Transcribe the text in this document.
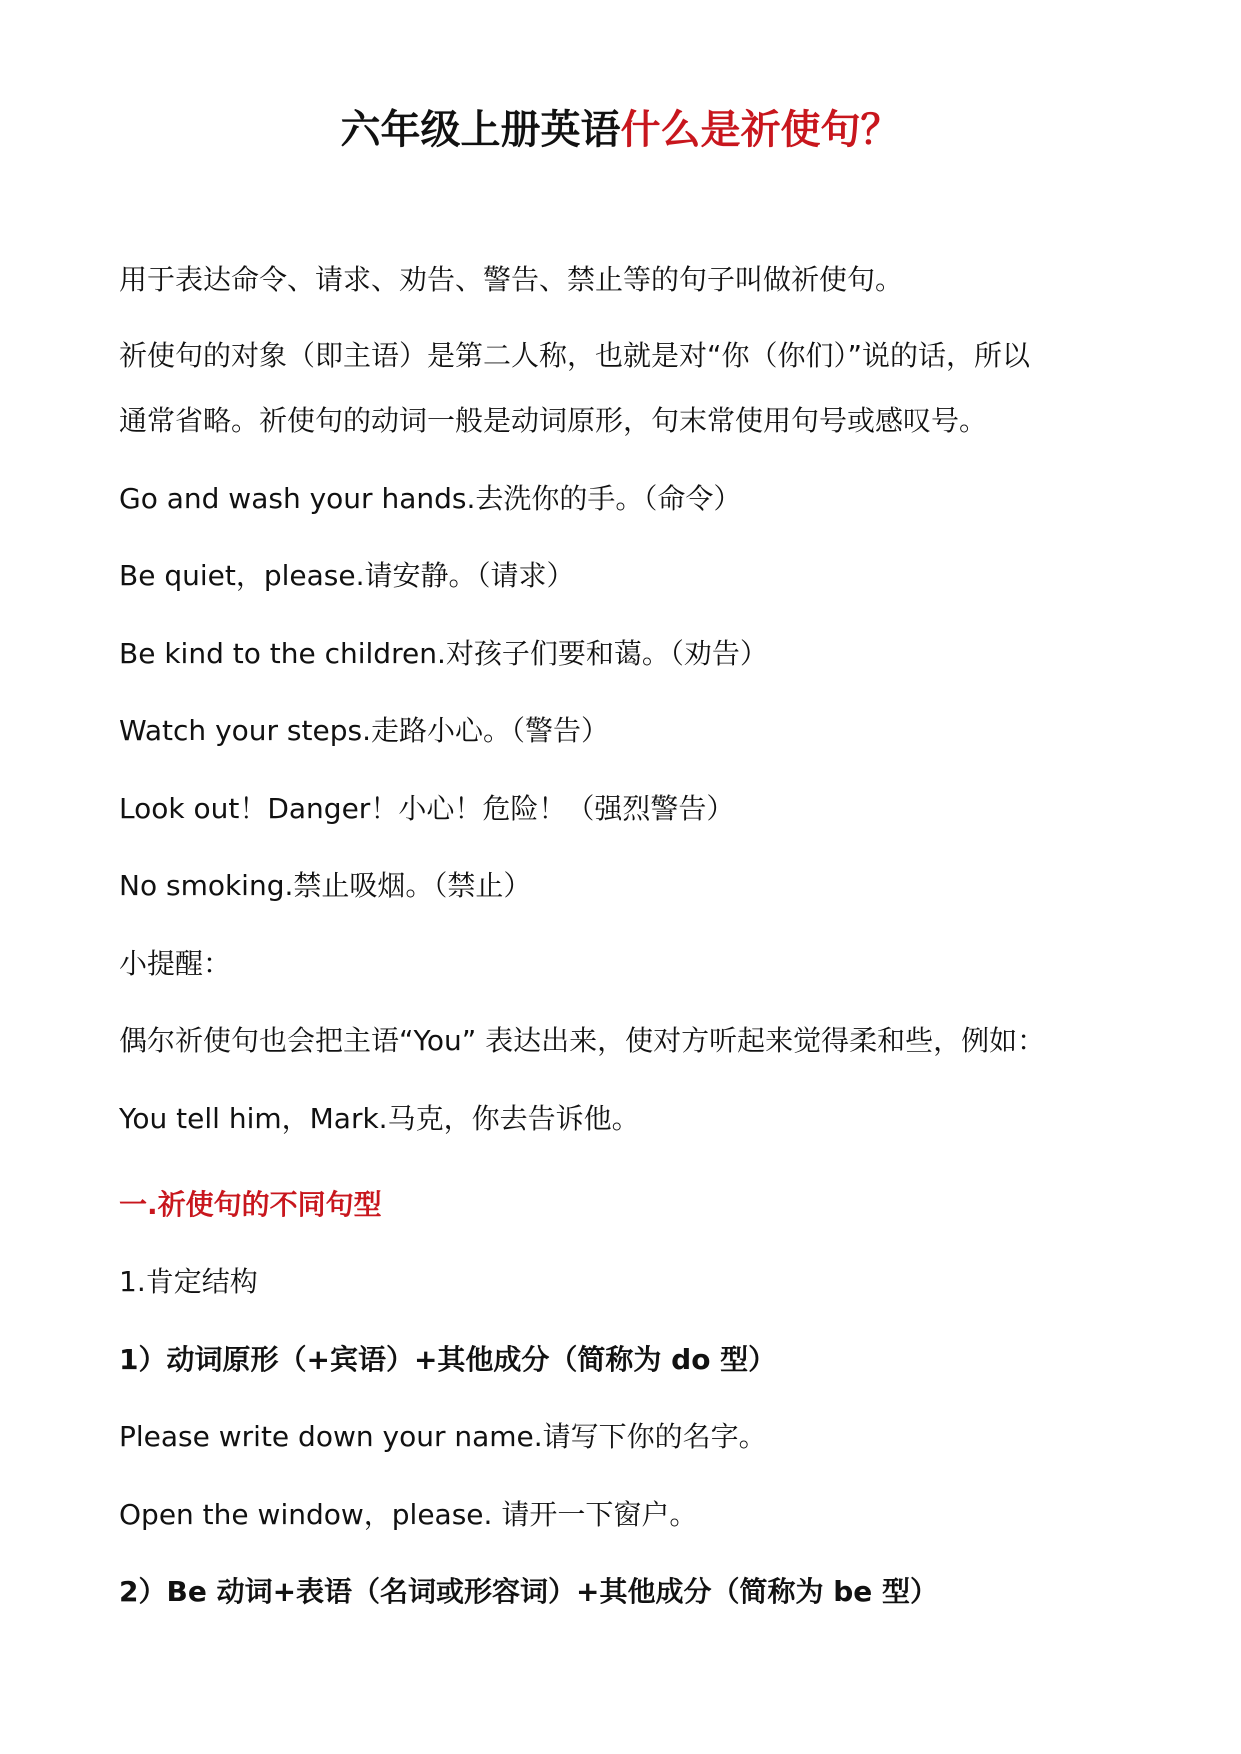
六年级上册英语什么是祈使句？
用于表达命令、请求、劝告、警告、禁止等的句子叫做祈使句。
祈使句的对象（即主语）是第二人称，也就是对“你（你们）”说的话，所以
通常省略。祈使句的动词一般是动词原形，句末常使用句号或感叹号。
Go and wash your hands.去洗你的手。（命令）
Be quiet，please.请安静。（请求）
Be kind to the children.对孩子们要和蔼。（劝告）
Watch your steps.走路小心。（警告）
Look out！Danger！小心！危险！（强烈警告）
No smoking.禁止吸烟。（禁止）
小提醒：
偶尔祈使句也会把主语“You” 表达出来，使对方听起来觉得柔和些，例如：
You tell him，Mark.马克，你去告诉他。
一.祈使句的不同句型
1.肯定结构
1）动词原形（+宾语）+其他成分（简称为 do 型）
Please write down your name.请写下你的名字。
Open the window，please. 请开一下窗户。
2）Be 动词+表语（名词或形容词）+其他成分（简称为 be 型）
